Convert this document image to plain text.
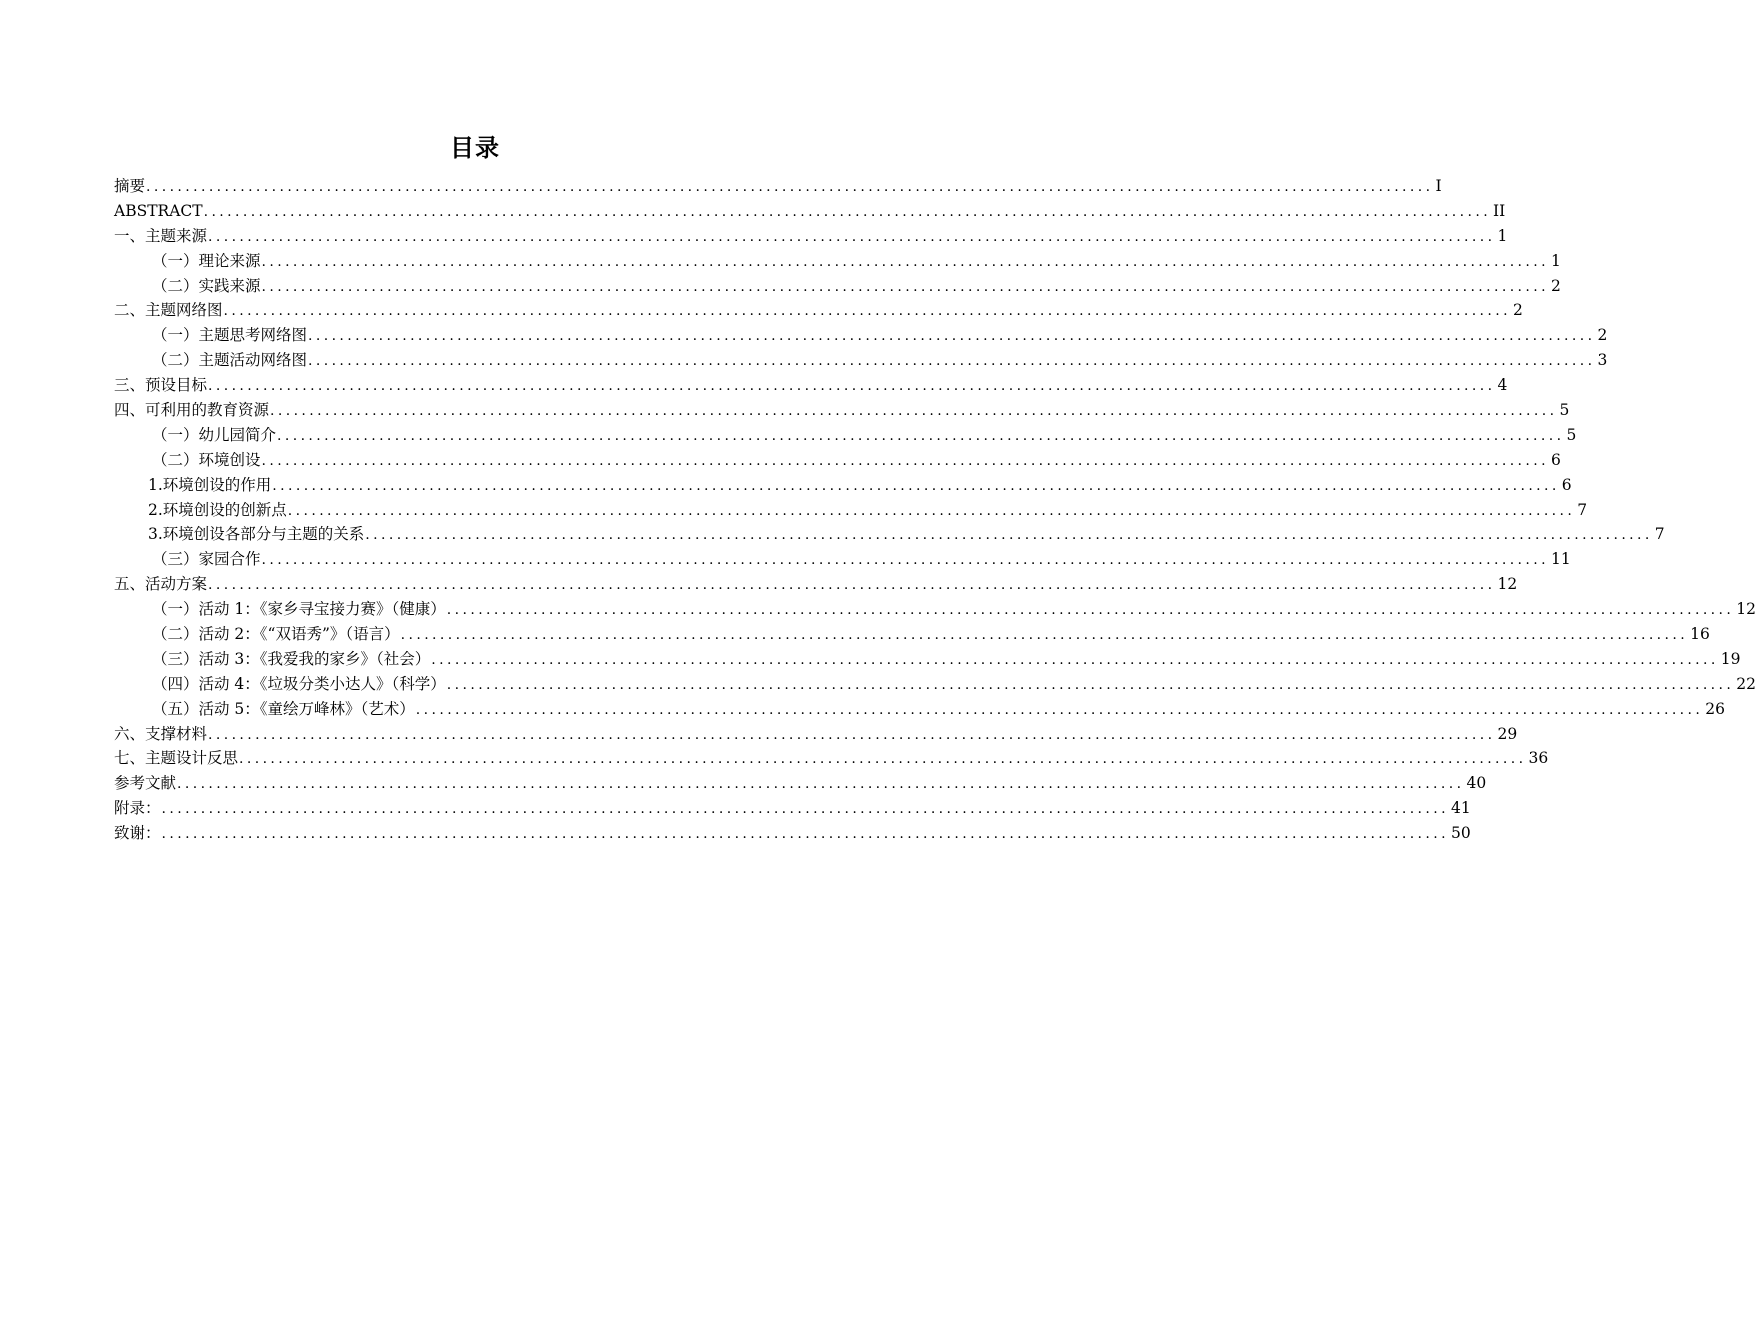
目录
摘要 .................................................................................................................................................................... I
ABSTRACT .................................................................................................................................................................... II
一、主题来源 .................................................................................................................................................................... 1
（一）理论来源 .................................................................................................................................................................... 1
（二）实践来源 .................................................................................................................................................................... 2
二、主题网络图 .................................................................................................................................................................... 2
（一）主题思考网络图 .................................................................................................................................................................... 2
（二）主题活动网络图 .................................................................................................................................................................... 3
三、预设目标 .................................................................................................................................................................... 4
四、可利用的教育资源 .................................................................................................................................................................... 5
（一）幼儿园简介 .................................................................................................................................................................... 5
（二）环境创设 .................................................................................................................................................................... 6
1.环境创设的作用 .................................................................................................................................................................... 6
2.环境创设的创新点 .................................................................................................................................................................... 7
3.环境创设各部分与主题的关系 .................................................................................................................................................................... 7
（三）家园合作 .................................................................................................................................................................... 11
五、活动方案 .................................................................................................................................................................... 12
（一）活动 1：《家乡寻宝接力赛》（健康） .................................................................................................................................................................... 12
（二）活动 2：《“双语秀”》（语言） .................................................................................................................................................................... 16
（三）活动 3：《我爱我的家乡》（社会） .................................................................................................................................................................... 19
（四）活动 4：《垃圾分类小达人》（科学） .................................................................................................................................................................... 22
（五）活动 5：《童绘万峰林》（艺术） .................................................................................................................................................................... 26
六、支撑材料 .................................................................................................................................................................... 29
七、主题设计反思 .................................................................................................................................................................... 36
参考文献 .................................................................................................................................................................... 40
附录： .................................................................................................................................................................... 41
致谢： .................................................................................................................................................................... 50
